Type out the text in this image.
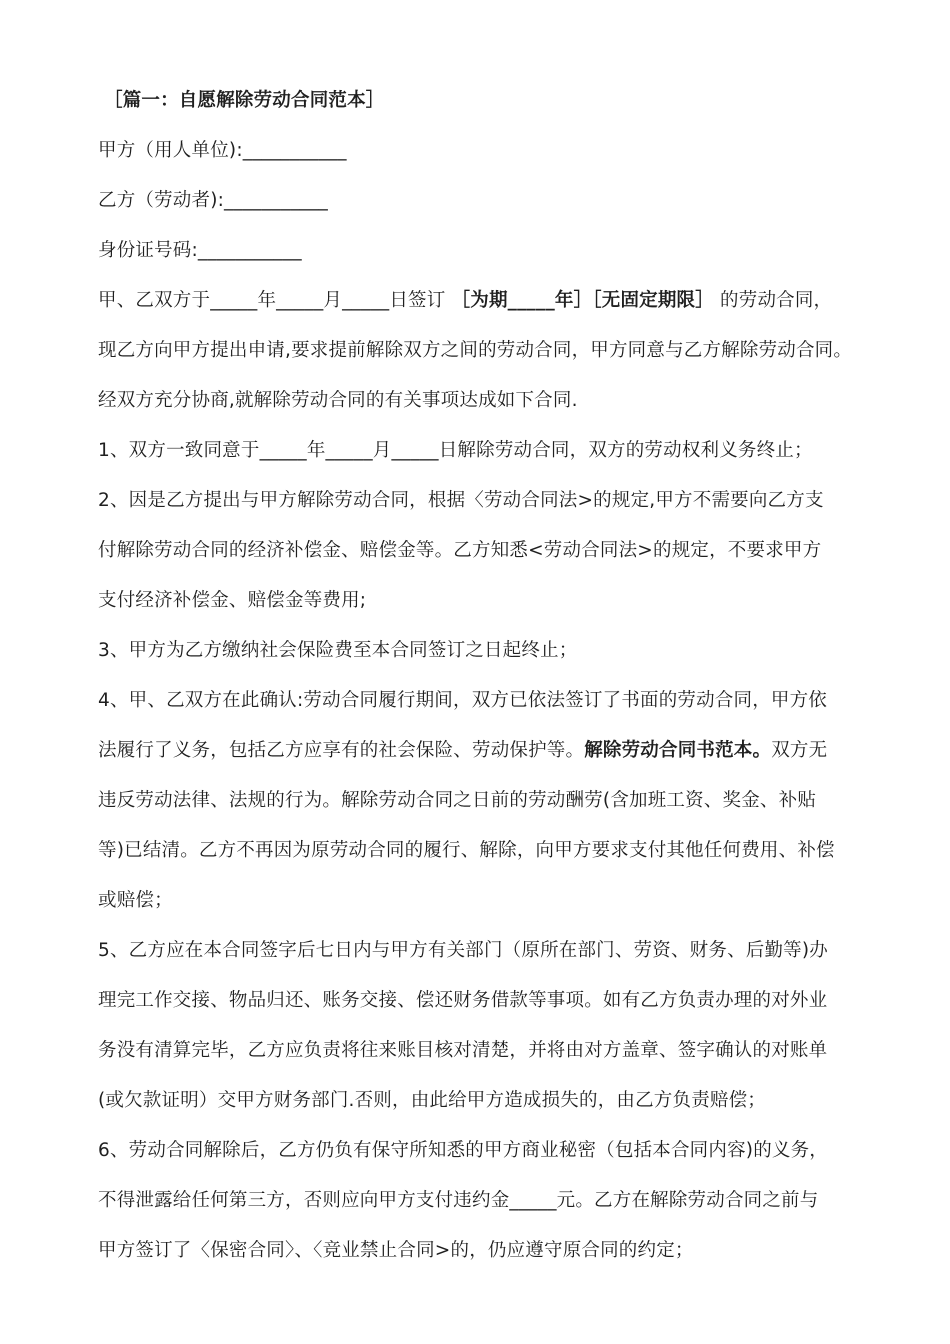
［篇一：自愿解除劳动合同范本］
甲方（用人单位):___________
乙方（劳动者):___________
身份证号码:___________
甲、乙双方于_____年_____月_____日签订 ［为期_____年］［无固定期限］ 的劳动合同，
现乙方向甲方提出申请,要求提前解除双方之间的劳动合同，甲方同意与乙方解除劳动合同。
经双方充分协商,就解除劳动合同的有关事项达成如下合同.
1、双方一致同意于_____年_____月_____日解除劳动合同，双方的劳动权利义务终止；
2、因是乙方提出与甲方解除劳动合同，根据〈劳动合同法>的规定,甲方不需要向乙方支
付解除劳动合同的经济补偿金、赔偿金等。乙方知悉<劳动合同法>的规定，不要求甲方
支付经济补偿金、赔偿金等费用;
3、甲方为乙方缴纳社会保险费至本合同签订之日起终止；
4、甲、乙双方在此确认:劳动合同履行期间，双方已依法签订了书面的劳动合同，甲方依
法履行了义务，包括乙方应享有的社会保险、劳动保护等。解除劳动合同书范本。双方无
违反劳动法律、法规的行为。解除劳动合同之日前的劳动酬劳(含加班工资、奖金、补贴
等)已结清。乙方不再因为原劳动合同的履行、解除，向甲方要求支付其他任何费用、补偿
或赔偿；
5、乙方应在本合同签字后七日内与甲方有关部门（原所在部门、劳资、财务、后勤等)办
理完工作交接、物品归还、账务交接、偿还财务借款等事项。如有乙方负责办理的对外业
务没有清算完毕，乙方应负责将往来账目核对清楚，并将由对方盖章、签字确认的对账单
(或欠款证明）交甲方财务部门.否则，由此给甲方造成损失的，由乙方负责赔偿；
6、劳动合同解除后，乙方仍负有保守所知悉的甲方商业秘密（包括本合同内容)的义务，
不得泄露给任何第三方，否则应向甲方支付违约金_____元。乙方在解除劳动合同之前与
甲方签订了〈保密合同〉、〈竞业禁止合同>的，仍应遵守原合同的约定；
